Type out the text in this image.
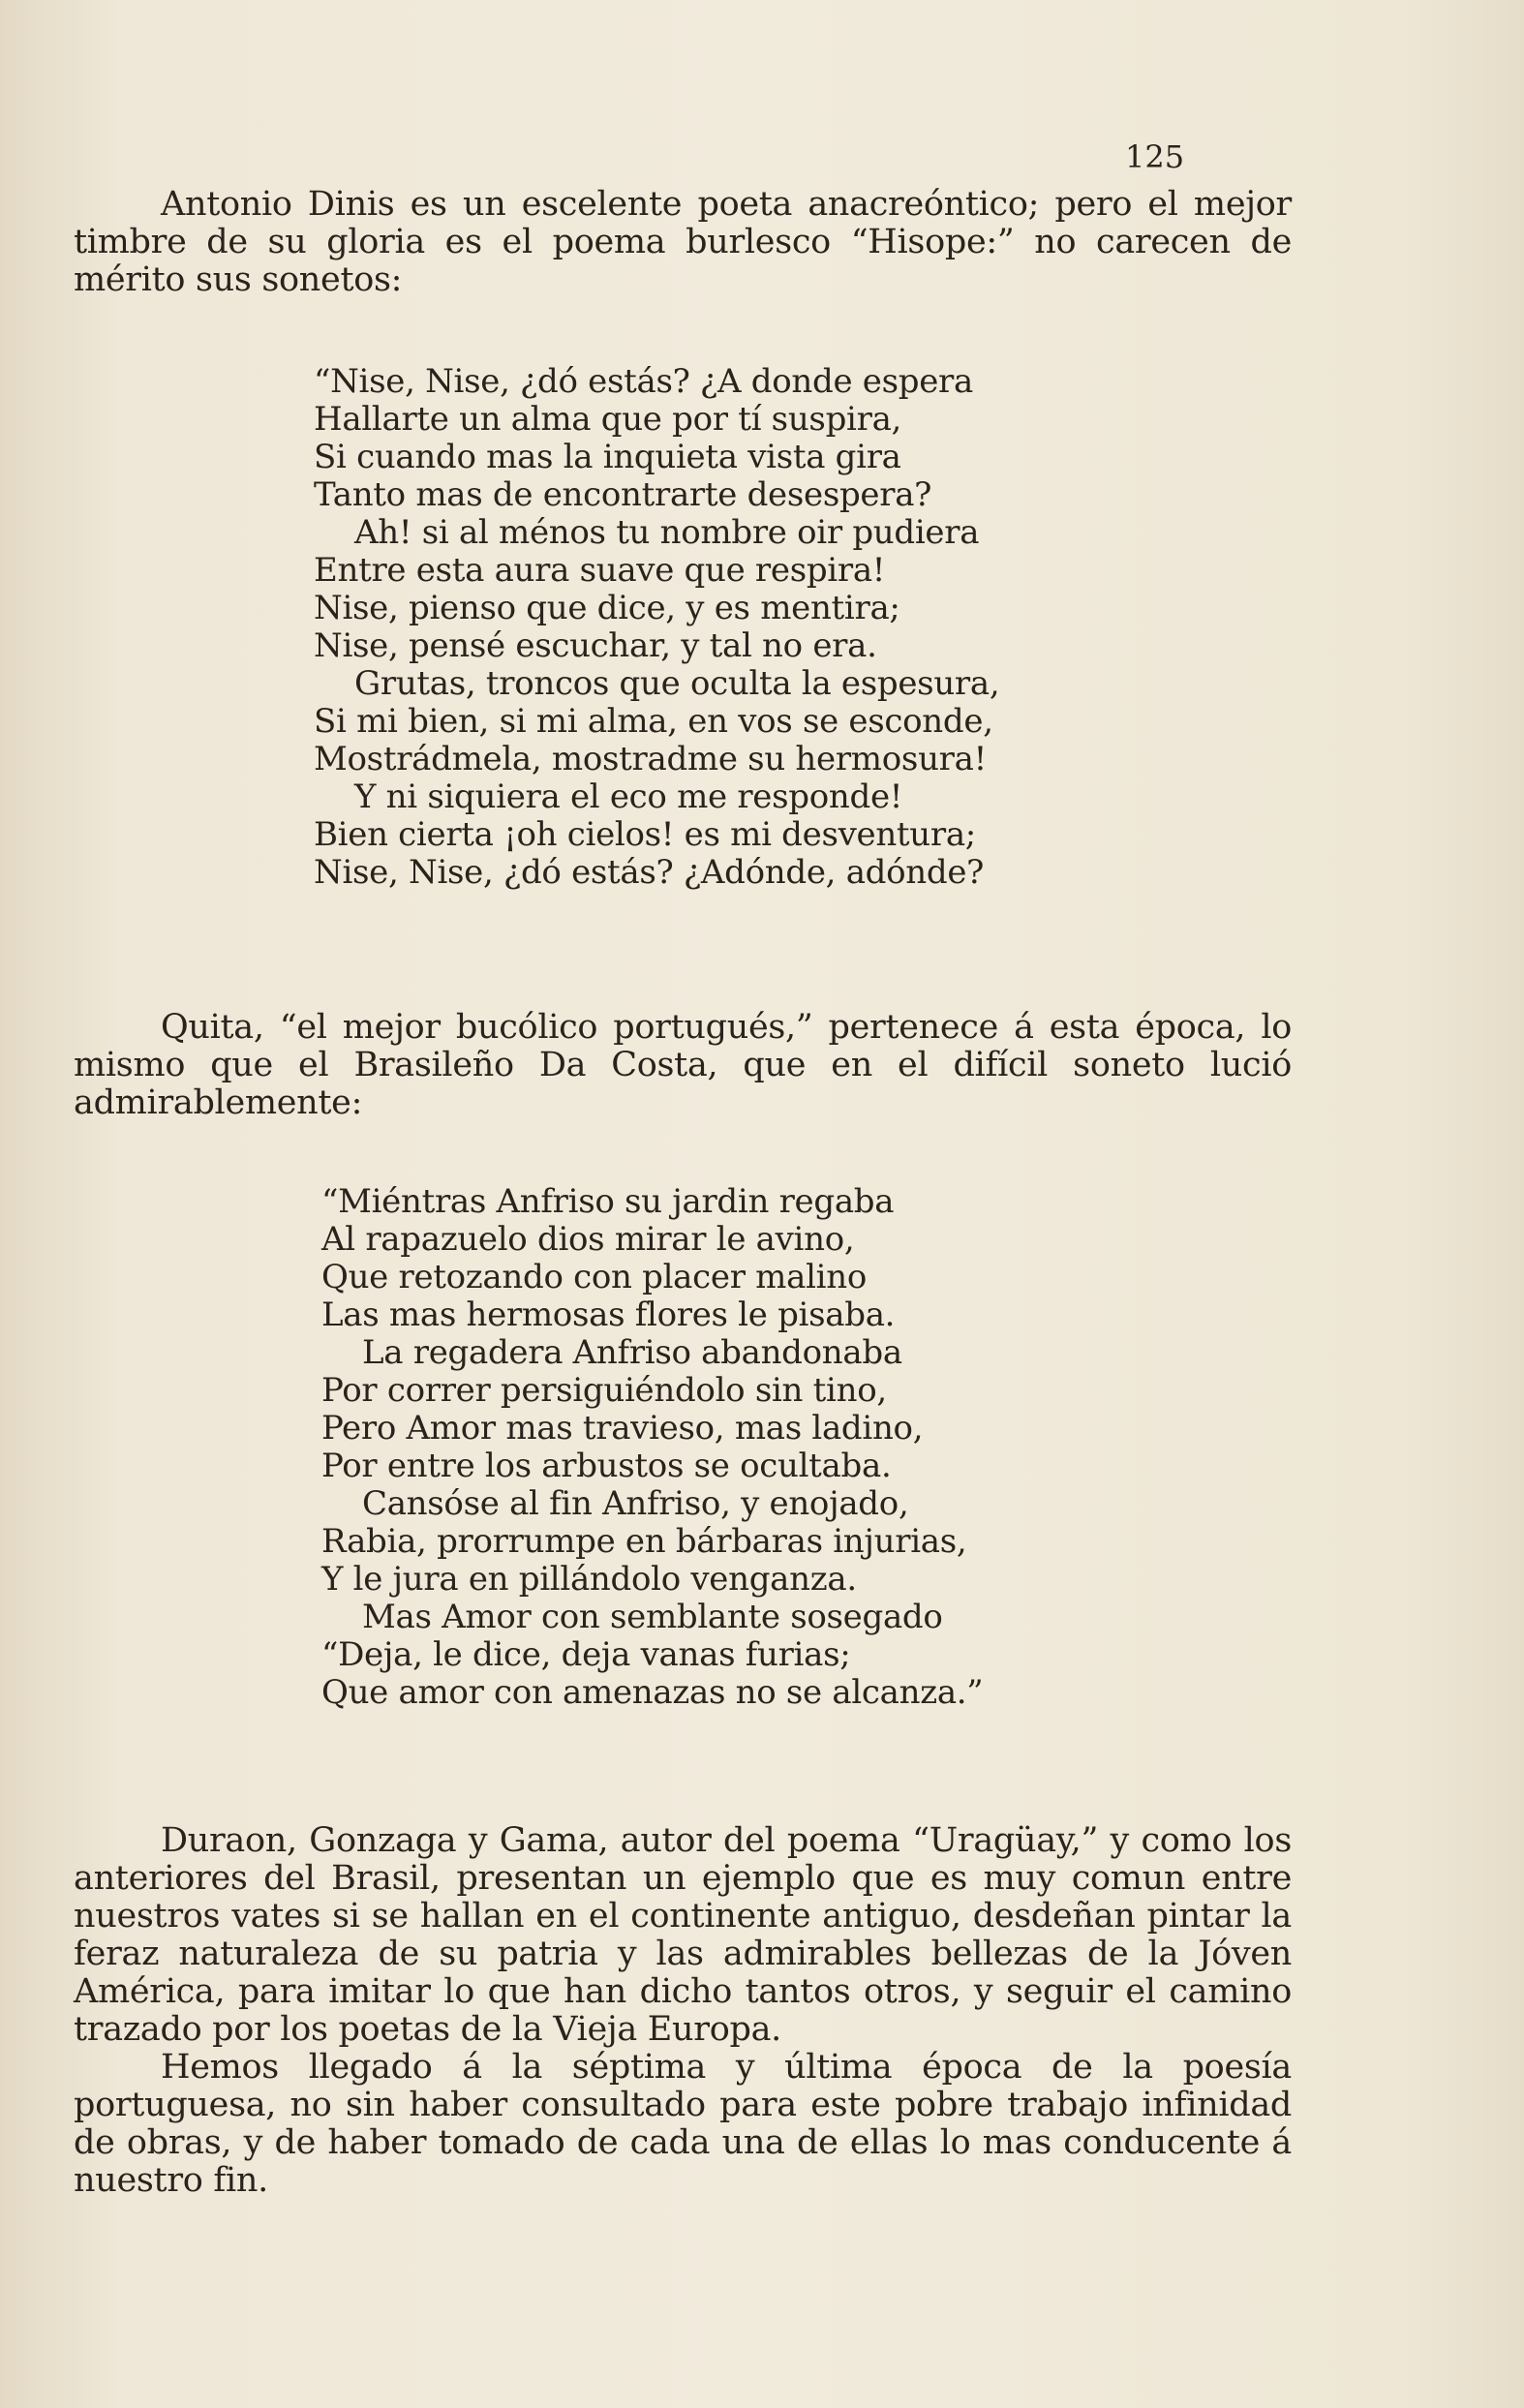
125

Antonio Dinis es un escelente poeta anacreóntico; pero el mejor timbre de su gloria es el poema burlesco “Hisope:” no carecen de mérito sus sonetos:

“Nise, Nise, ¿dó estás? ¿A donde espera
Hallarte un alma que por tí suspira,
Si cuando mas la inquieta vista gira
Tanto mas de encontrarte desespera?
Ah! si al ménos tu nombre oir pudiera
Entre esta aura suave que respira!
Nise, pienso que dice, y es mentira;
Nise, pensé escuchar, y tal no era.
Grutas, troncos que oculta la espesura,
Si mi bien, si mi alma, en vos se esconde,
Mostrádmela, mostradme su hermosura!
Y ni siquiera el eco me responde!
Bien cierta ¡oh cielos! es mi desventura;
Nise, Nise, ¿dó estás? ¿Adónde, adónde?

Quita, “el mejor bucólico portugués,” pertenece á esta época, lo mismo que el Brasileño Da Costa, que en el difícil soneto lució admirablemente:

“Miéntras Anfriso su jardin regaba
Al rapazuelo dios mirar le avino,
Que retozando con placer malino
Las mas hermosas flores le pisaba.
La regadera Anfriso abandonaba
Por correr persiguiéndolo sin tino,
Pero Amor mas travieso, mas ladino,
Por entre los arbustos se ocultaba.
Cansóse al fin Anfriso, y enojado,
Rabia, prorrumpe en bárbaras injurias,
Y le jura en pillándolo venganza.
Mas Amor con semblante sosegado
“Deja, le dice, deja vanas furias;
Que amor con amenazas no se alcanza.”

Duraon, Gonzaga y Gama, autor del poema “Uragüay,” y como los anteriores del Brasil, presentan un ejemplo que es muy comun entre nuestros vates si se hallan en el continente antiguo, desdeñan pintar la feraz naturaleza de su patria y las admirables bellezas de la Jóven América, para imitar lo que han dicho tantos otros, y seguir el camino trazado por los poetas de la Vieja Europa.

Hemos llegado á la séptima y última época de la poesía portuguesa, no sin haber consultado para este pobre trabajo infinidad de obras, y de haber tomado de cada una de ellas lo mas conducente á nuestro fin.
